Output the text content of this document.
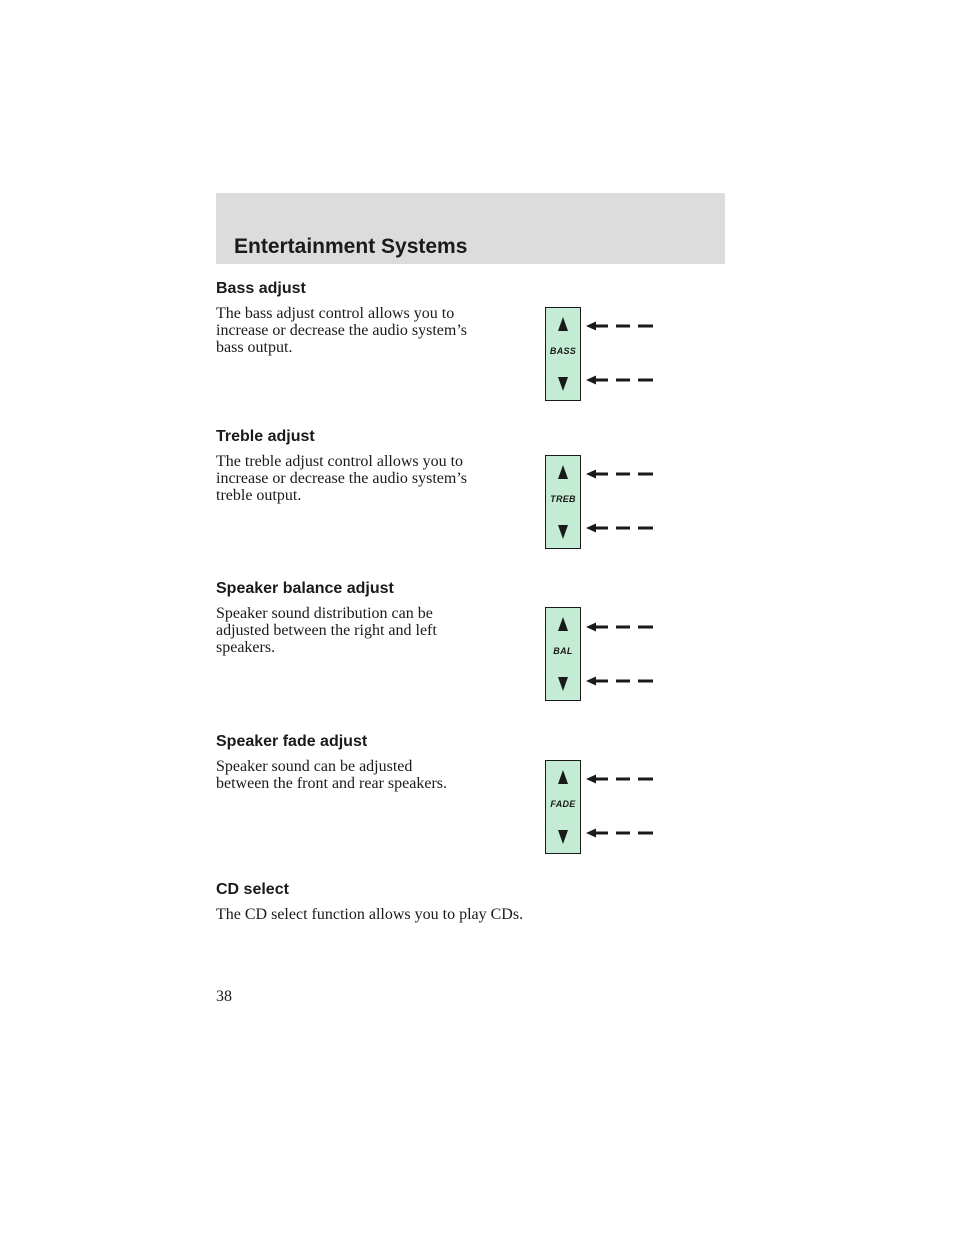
Entertainment Systems
Bass adjust

The bass adjust control allows you to increase or decrease the audio system’s bass output.	BASS
Treble adjust

The treble adjust control allows you to increase or decrease the audio system’s treble output.	TREB
Speaker balance adjust

Speaker sound distribution can be adjusted between the right and left speakers.	BAL
Speaker fade adjust

Speaker sound can be adjusted between the front and rear speakers.

FADE
CD select

The CD select function allows you to play CDs.

38
